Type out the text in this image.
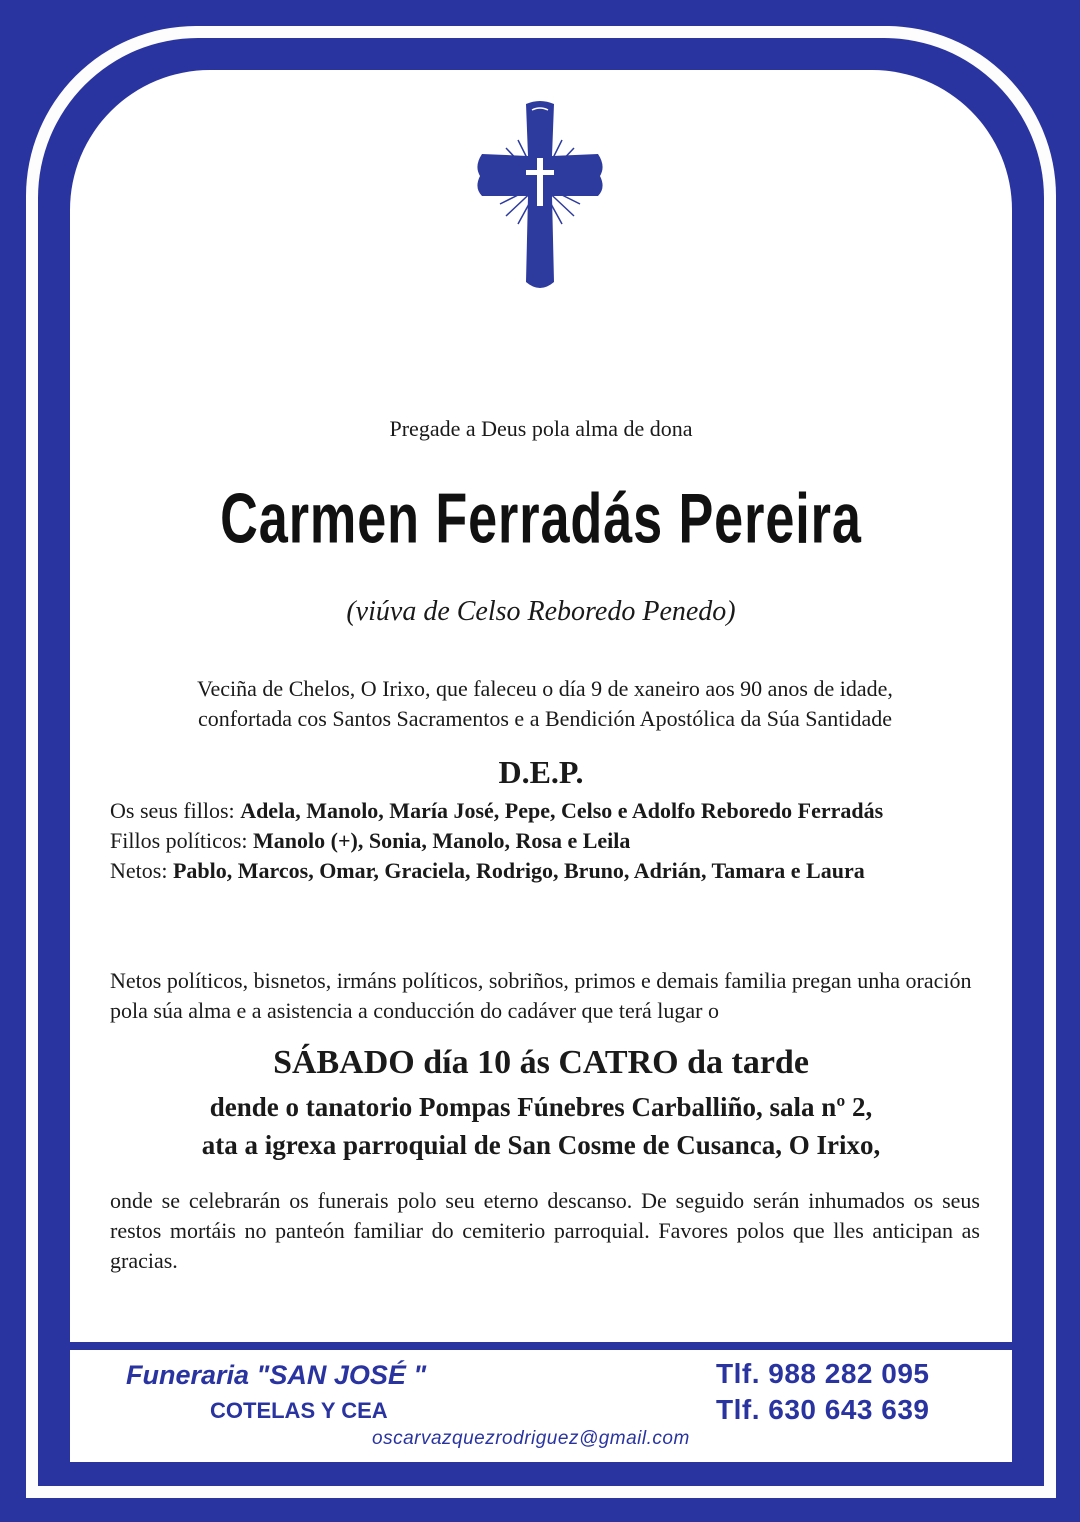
Pregade a Deus pola alma de dona
Carmen Ferradás Pereira
(viúva de Celso Reboredo Penedo)
Veciña de Chelos, O Irixo, que faleceu o día 9 de xaneiro aos 90 anos de idade,
confortada cos Santos Sacramentos e a Bendición Apostólica da Súa Santidade
D.E.P.
Os seus fillos: Adela, Manolo, María José, Pepe, Celso e Adolfo Reboredo Ferradás
Fillos políticos: Manolo (+), Sonia, Manolo, Rosa e Leila
Netos: Pablo, Marcos, Omar, Graciela, Rodrigo, Bruno, Adrián, Tamara e Laura
Netos políticos, bisnetos, irmáns políticos, sobriños, primos e demais familia pregan unha oración pola súa alma e a asistencia a conducción do cadáver que terá lugar o
SÁBADO día 10 ás CATRO da tarde
dende o tanatorio Pompas Fúnebres Carballiño, sala nº 2,
ata a igrexa parroquial de San Cosme de Cusanca, O Irixo,
onde se celebrarán os funerais polo seu eterno descanso. De seguido serán inhumados os seus restos mortáis no panteón familiar do cemiterio parroquial. Favores polos que lles anticipan as gracias.
Funeraria "SAN JOSÉ "
COTELAS Y CEA
Tlf. 988 282 095
Tlf. 630 643 639
oscarvazquezrodriguez@gmail.com
